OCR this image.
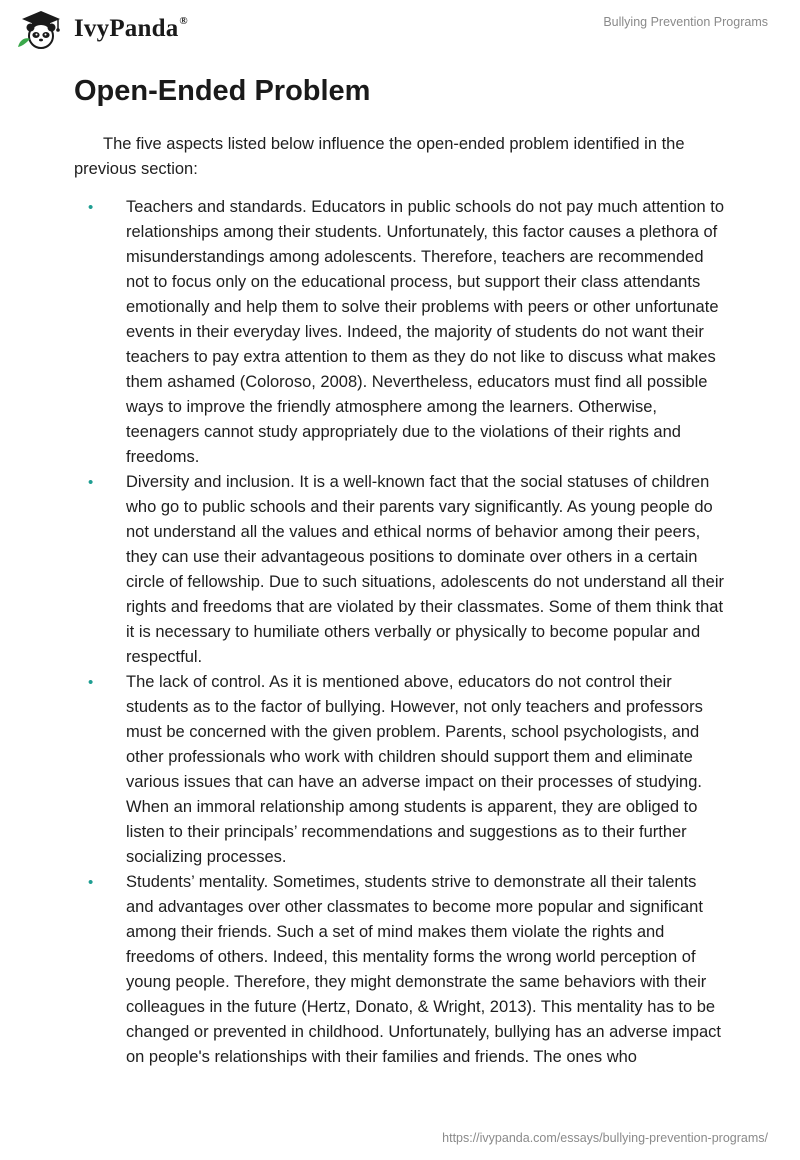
IvyPanda®	Bullying Prevention Programs
Open-Ended Problem

The five aspects listed below influence the open-ended problem identified in the previous section:

• Teachers and standards. Educators in public schools do not pay much attention to relationships among their students. Unfortunately, this factor causes a plethora of misunderstandings among adolescents. Therefore, teachers are recommended not to focus only on the educational process, but support their class attendants emotionally and help them to solve their problems with peers or other unfortunate events in their everyday lives. Indeed, the majority of students do not want their teachers to pay extra attention to them as they do not like to discuss what makes them ashamed (Coloroso, 2008). Nevertheless, educators must find all possible ways to improve the friendly atmosphere among the learners. Otherwise, teenagers cannot study appropriately due to the violations of their rights and freedoms.
• Diversity and inclusion. It is a well-known fact that the social statuses of children who go to public schools and their parents vary significantly. As young people do not understand all the values and ethical norms of behavior among their peers, they can use their advantageous positions to dominate over others in a certain circle of fellowship. Due to such situations, adolescents do not understand all their rights and freedoms that are violated by their classmates. Some of them think that it is necessary to humiliate others verbally or physically to become popular and respectful.
• The lack of control. As it is mentioned above, educators do not control their students as to the factor of bullying. However, not only teachers and professors must be concerned with the given problem. Parents, school psychologists, and other professionals who work with children should support them and eliminate various issues that can have an adverse impact on their processes of studying. When an immoral relationship among students is apparent, they are obliged to listen to their principals’ recommendations and suggestions as to their further socializing processes.
• Students’ mentality. Sometimes, students strive to demonstrate all their talents and advantages over other classmates to become more popular and significant among their friends. Such a set of mind makes them violate the rights and freedoms of others. Indeed, this mentality forms the wrong world perception of young people. Therefore, they might demonstrate the same behaviors with their colleagues in the future (Hertz, Donato, & Wright, 2013). This mentality has to be changed or prevented in childhood. Unfortunately, bullying has an adverse impact on people's relationships with their families and friends. The ones who
https://ivypanda.com/essays/bullying-prevention-programs/
